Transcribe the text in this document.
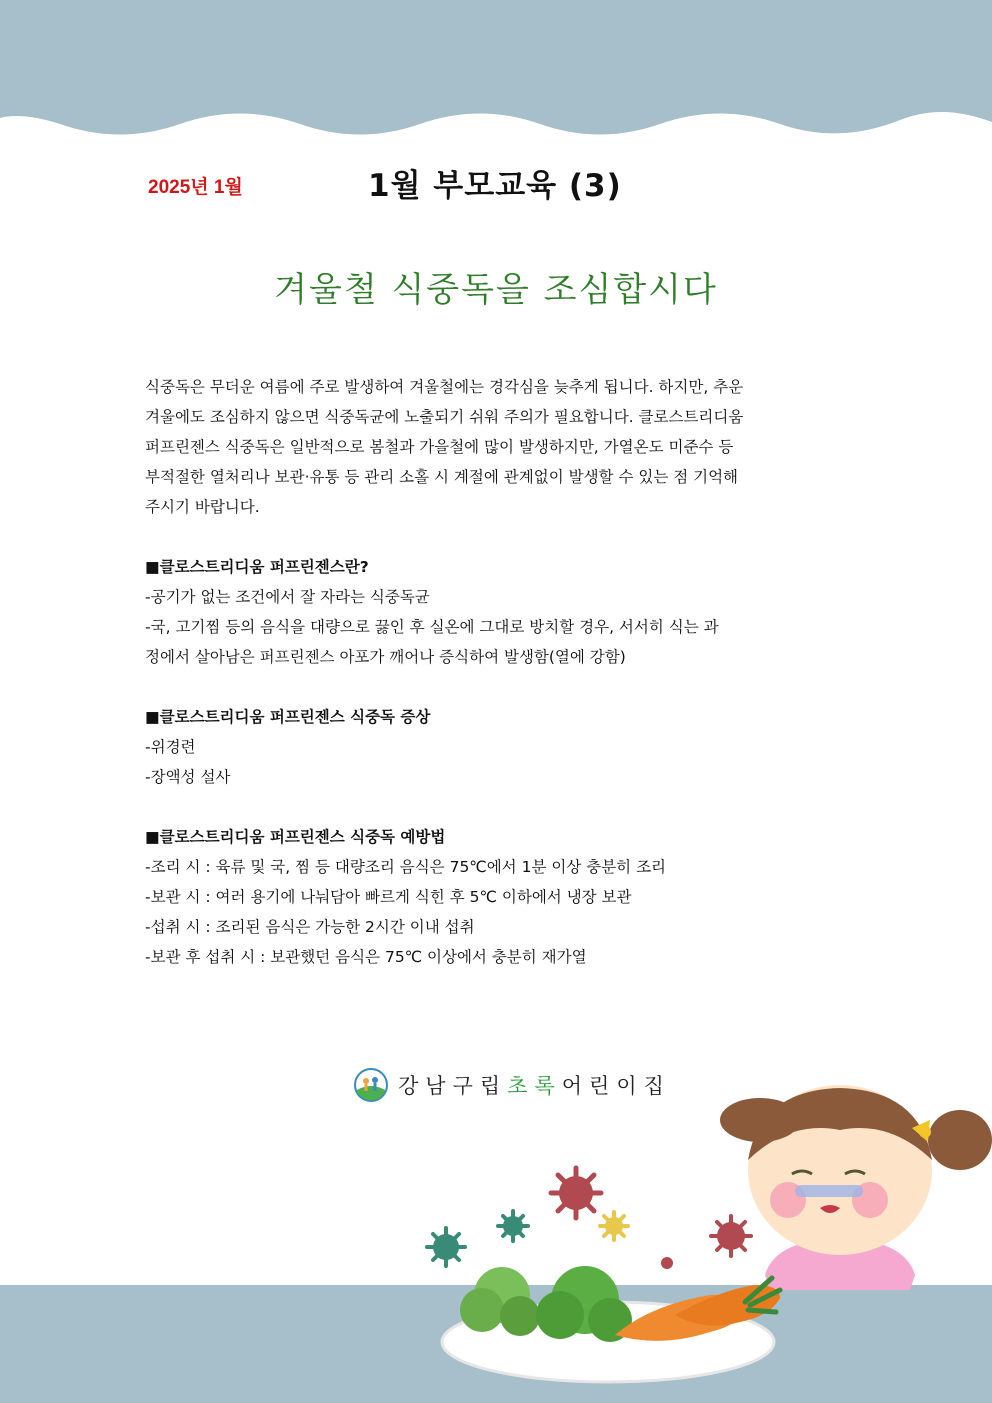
2025년 1월	1월 부모교육 (3)
겨울철 식중독을 조심합시다
식중독은 무더운 여름에 주로 발생하여 겨울철에는 경각심을 늦추게 됩니다. 하지만, 추운
겨울에도 조심하지 않으면 식중독균에 노출되기 쉬워 주의가 필요합니다. 클로스트리디움
퍼프린젠스 식중독은 일반적으로 봄철과 가을철에 많이 발생하지만, 가열온도 미준수 등
부적절한 열처리나 보관·유통 등 관리 소홀 시 계절에 관계없이 발생할 수 있는 점 기억해
주시기 바랍니다.
■클로스트리디움 퍼프린젠스란?
-공기가 없는 조건에서 잘 자라는 식중독균
-국, 고기찜 등의 음식을 대량으로 끓인 후 실온에 그대로 방치할 경우, 서서히 식는 과
정에서 살아남은 퍼프린젠스 아포가 깨어나 증식하여 발생함(열에 강함)
■클로스트리디움 퍼프린젠스 식중독 증상
-위경련
-장액성 설사
■클로스트리디움 퍼프린젠스 식중독 예방법
-조리 시 : 육류 및 국, 찜 등 대량조리 음식은 75℃에서 1분 이상 충분히 조리
-보관 시 : 여러 용기에 나눠담아 빠르게 식힌 후 5℃ 이하에서 냉장 보관
-섭취 시 : 조리된 음식은 가능한 2시간 이내 섭취
-보관 후 섭취 시 : 보관했던 음식은 75℃ 이상에서 충분히 재가열
강남구립초록어린이집
